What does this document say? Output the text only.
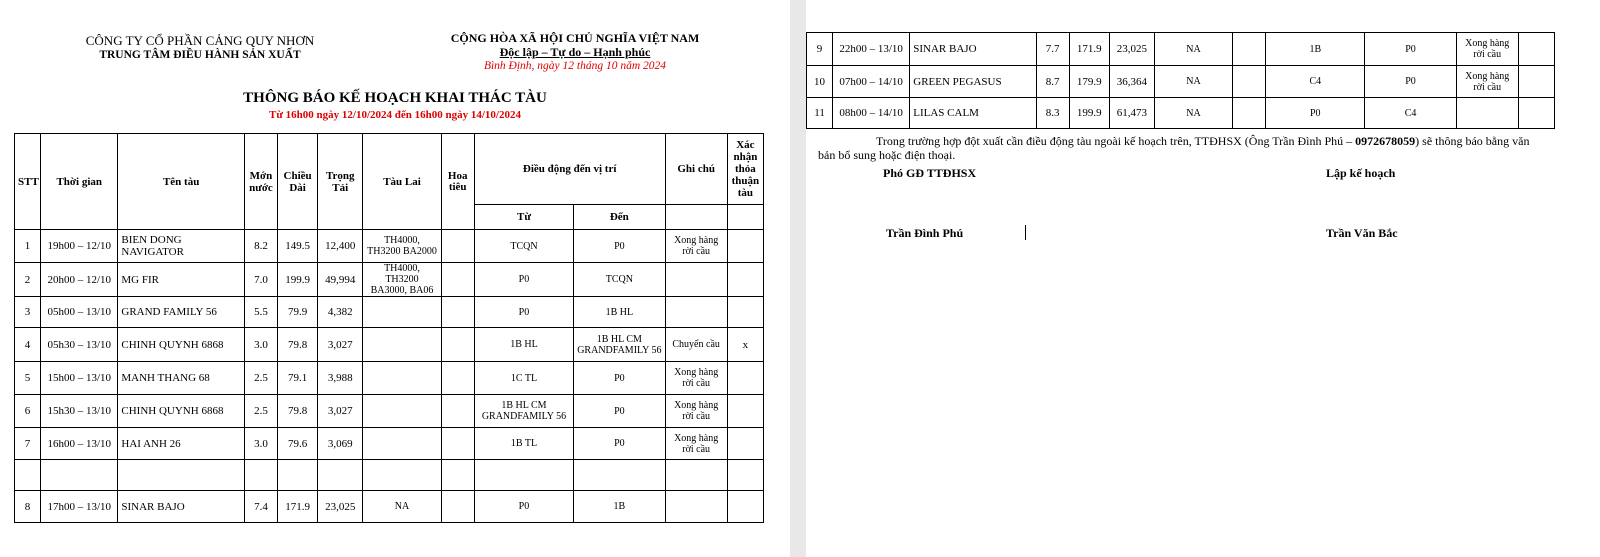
CÔNG TY CỔ PHẦN CẢNG QUY NHƠN
TRUNG TÂM ĐIỀU HÀNH SẢN XUẤT
CỘNG HÒA XÃ HỘI CHỦ NGHĨA VIỆT NAM
Độc lập – Tự do – Hạnh phúc
Bình Định, ngày 12 tháng 10 năm 2024
THÔNG BÁO KẾ HOẠCH KHAI THÁC TÀU
Từ 16h00 ngày 12/10/2024 đến 16h00 ngày 14/10/2024
STT	Thời gian	Tên tàu	Mớn nước	Chiều Dài	Trọng Tải	Tàu Lai	Hoa tiêu	Điều động đến vị trí		Ghi chú	Xác nhận thỏa thuận tàu
								Từ	Đến		
1	19h00 – 12/10	BIEN DONG NAVIGATOR	8.2	149.5	12,400	TH4000, TH3200 BA2000		TCQN	P0	Xong hàng rời cầu	
2	20h00 – 12/10	MG FIR	7.0	199.9	49,994	TH4000, TH3200 BA3000, BA06		P0	TCQN		
3	05h00 – 13/10	GRAND FAMILY 56	5.5	79.9	4,382			P0	1B HL		
4	05h30 – 13/10	CHINH QUYNH 6868	3.0	79.8	3,027			1B HL	1B HL CM GRANDFAMILY 56	Chuyển cầu	x
5	15h00 – 13/10	MANH THANG 68	2.5	79.1	3,988			1C TL	P0	Xong hàng rời cầu	
6	15h30 – 13/10	CHINH QUYNH 6868	2.5	79.8	3,027			1B HL CM GRANDFAMILY 56	P0	Xong hàng rời cầu	
7	16h00 – 13/10	HAI ANH 26	3.0	79.6	3,069			1B TL	P0	Xong hàng rời cầu	

8	17h00 – 13/10	SINAR BAJO	7.4	171.9	23,025	NA		P0	1B		
9	22h00 – 13/10	SINAR BAJO	7.7	171.9	23,025	NA		1B	P0	Xong hàng rời cầu	
10	07h00 – 14/10	GREEN PEGASUS	8.7	179.9	36,364	NA		C4	P0	Xong hàng rời cầu	
11	08h00 – 14/10	LILAS CALM	8.3	199.9	61,473	NA		P0	C4		
Trong trường hợp đột xuất cần điều động tàu ngoài kế hoạch trên, TTĐHSX (Ông Trần Đình Phú – 0972678059) sẽ thông báo bằng văn bản bổ sung hoặc điện thoại.
Phó GĐ TTĐHSX	Lập kế hoạch
Trần Đình Phú	Trần Văn Bắc
